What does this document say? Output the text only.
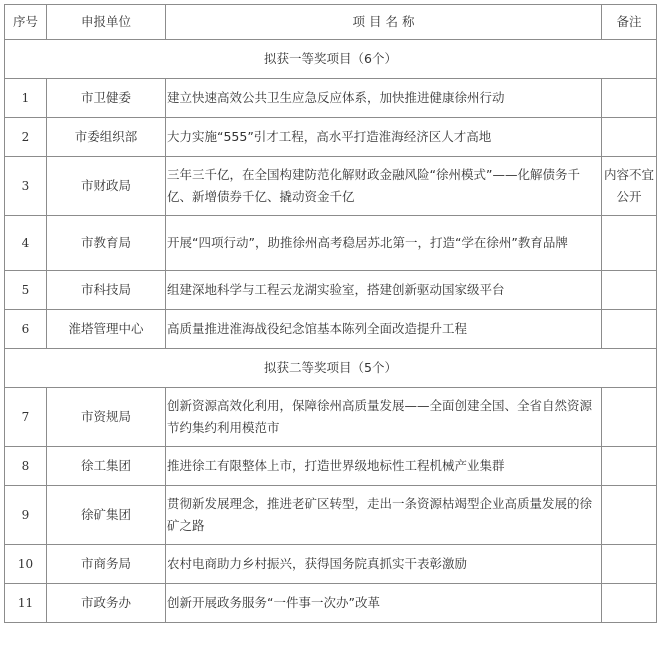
序号	申报单位	项 目 名 称	备注
拟获一等奖项目（6个）			
1	市卫健委	建立快速高效公共卫生应急反应体系，加快推进健康徐州行动	
2	市委组织部	大力实施“555”引才工程，高水平打造淮海经济区人才高地	
3	市财政局	三年三千亿，在全国构建防范化解财政金融风险“徐州模式”——化解债务千亿、新增债券千亿、撬动资金千亿	内容不宜公开
4	市教育局	开展“四项行动”，助推徐州高考稳居苏北第一，打造“学在徐州”教育品牌	
5	市科技局	组建深地科学与工程云龙湖实验室，搭建创新驱动国家级平台	
6	淮塔管理中心	高质量推进淮海战役纪念馆基本陈列全面改造提升工程	
拟获二等奖项目（5个）			
7	市资规局	创新资源高效化利用，保障徐州高质量发展——全面创建全国、全省自然资源节约集约利用模范市	
8	徐工集团	推进徐工有限整体上市，打造世界级地标性工程机械产业集群	
9	徐矿集团	贯彻新发展理念，推进老矿区转型，走出一条资源枯竭型企业高质量发展的徐矿之路	
10	市商务局	农村电商助力乡村振兴，获得国务院真抓实干表彰激励	
11	市政务办	创新开展政务服务“一件事一次办”改革	
